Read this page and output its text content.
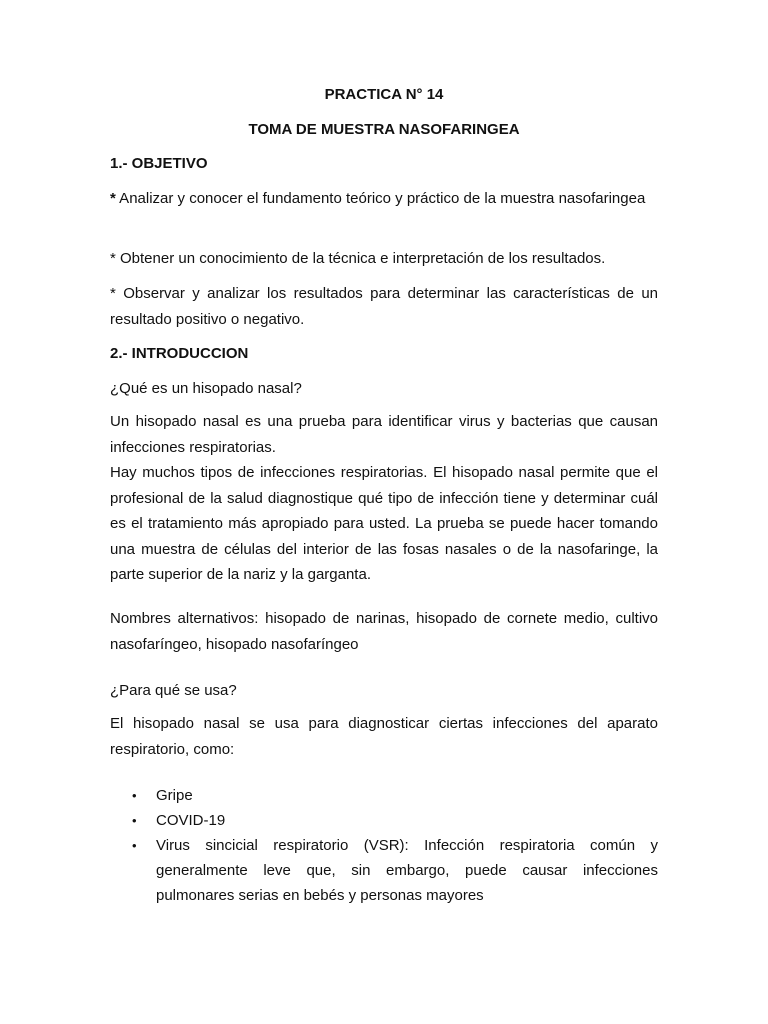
PRACTICA N° 14
TOMA DE MUESTRA NASOFARINGEA
1.- OBJETIVO
* Analizar y conocer el fundamento teórico y práctico de la muestra nasofaringea
* Obtener un conocimiento de la técnica e interpretación de los resultados.
* Observar y analizar los resultados para determinar las características de un resultado positivo o negativo.
2.- INTRODUCCION
¿Qué es un hisopado nasal?
Un hisopado nasal es una prueba para identificar virus y bacterias que causan infecciones respiratorias.
Hay muchos tipos de infecciones respiratorias. El hisopado nasal permite que el profesional de la salud diagnostique qué tipo de infección tiene y determinar cuál es el tratamiento más apropiado para usted. La prueba se puede hacer tomando una muestra de células del interior de las fosas nasales o de la nasofaringe, la parte superior de la nariz y la garganta.
Nombres alternativos: hisopado de narinas, hisopado de cornete medio, cultivo nasofaríngeo, hisopado nasofaríngeo
¿Para qué se usa?
El hisopado nasal se usa para diagnosticar ciertas infecciones del aparato respiratorio, como:
• Gripe
• COVID-19
• Virus sincicial respiratorio (VSR): Infección respiratoria común y generalmente leve que, sin embargo, puede causar infecciones pulmonares serias en bebés y personas mayores
